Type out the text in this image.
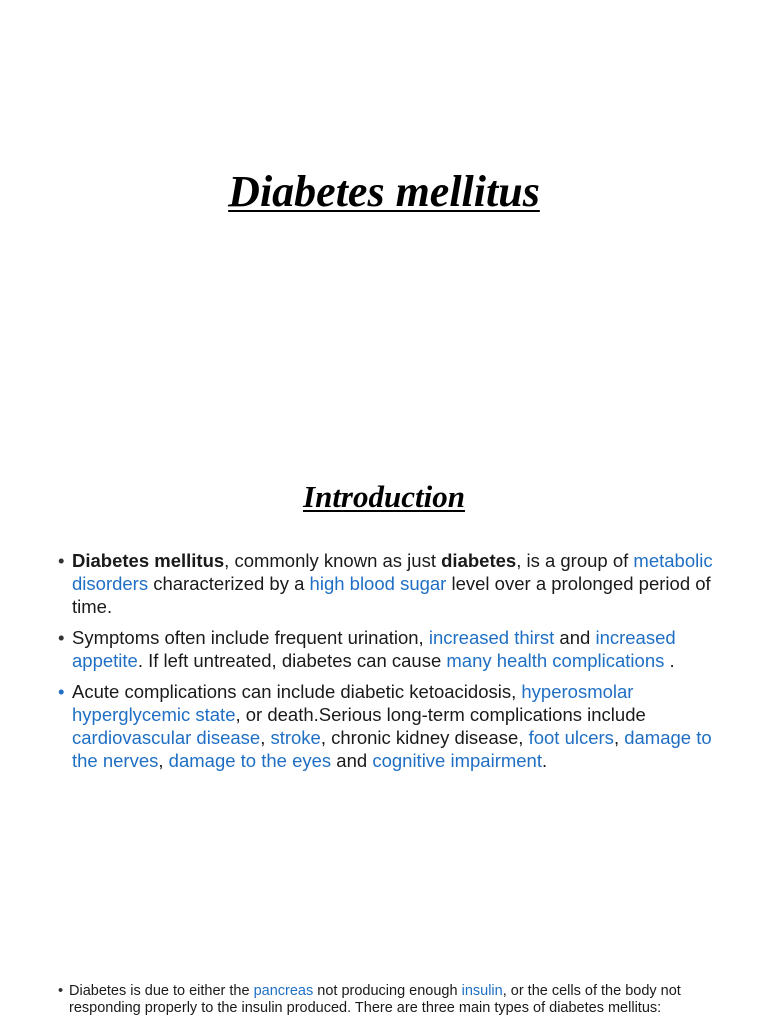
Diabetes mellitus
Introduction
• Diabetes mellitus, commonly known as just diabetes, is a group of metabolic disorders characterized by a high blood sugar level over a prolonged period of time.
• Symptoms often include frequent urination, increased thirst and increased appetite. If left untreated, diabetes can cause many health complications .
• Acute complications can include diabetic ketoacidosis, hyperosmolar hyperglycemic state, or death.Serious long-term complications include cardiovascular disease, stroke, chronic kidney disease, foot ulcers, damage to the nerves, damage to the eyes and cognitive impairment.
• Diabetes is due to either the pancreas not producing enough insulin, or the cells of the body not responding properly to the insulin produced. There are three main types of diabetes mellitus:
